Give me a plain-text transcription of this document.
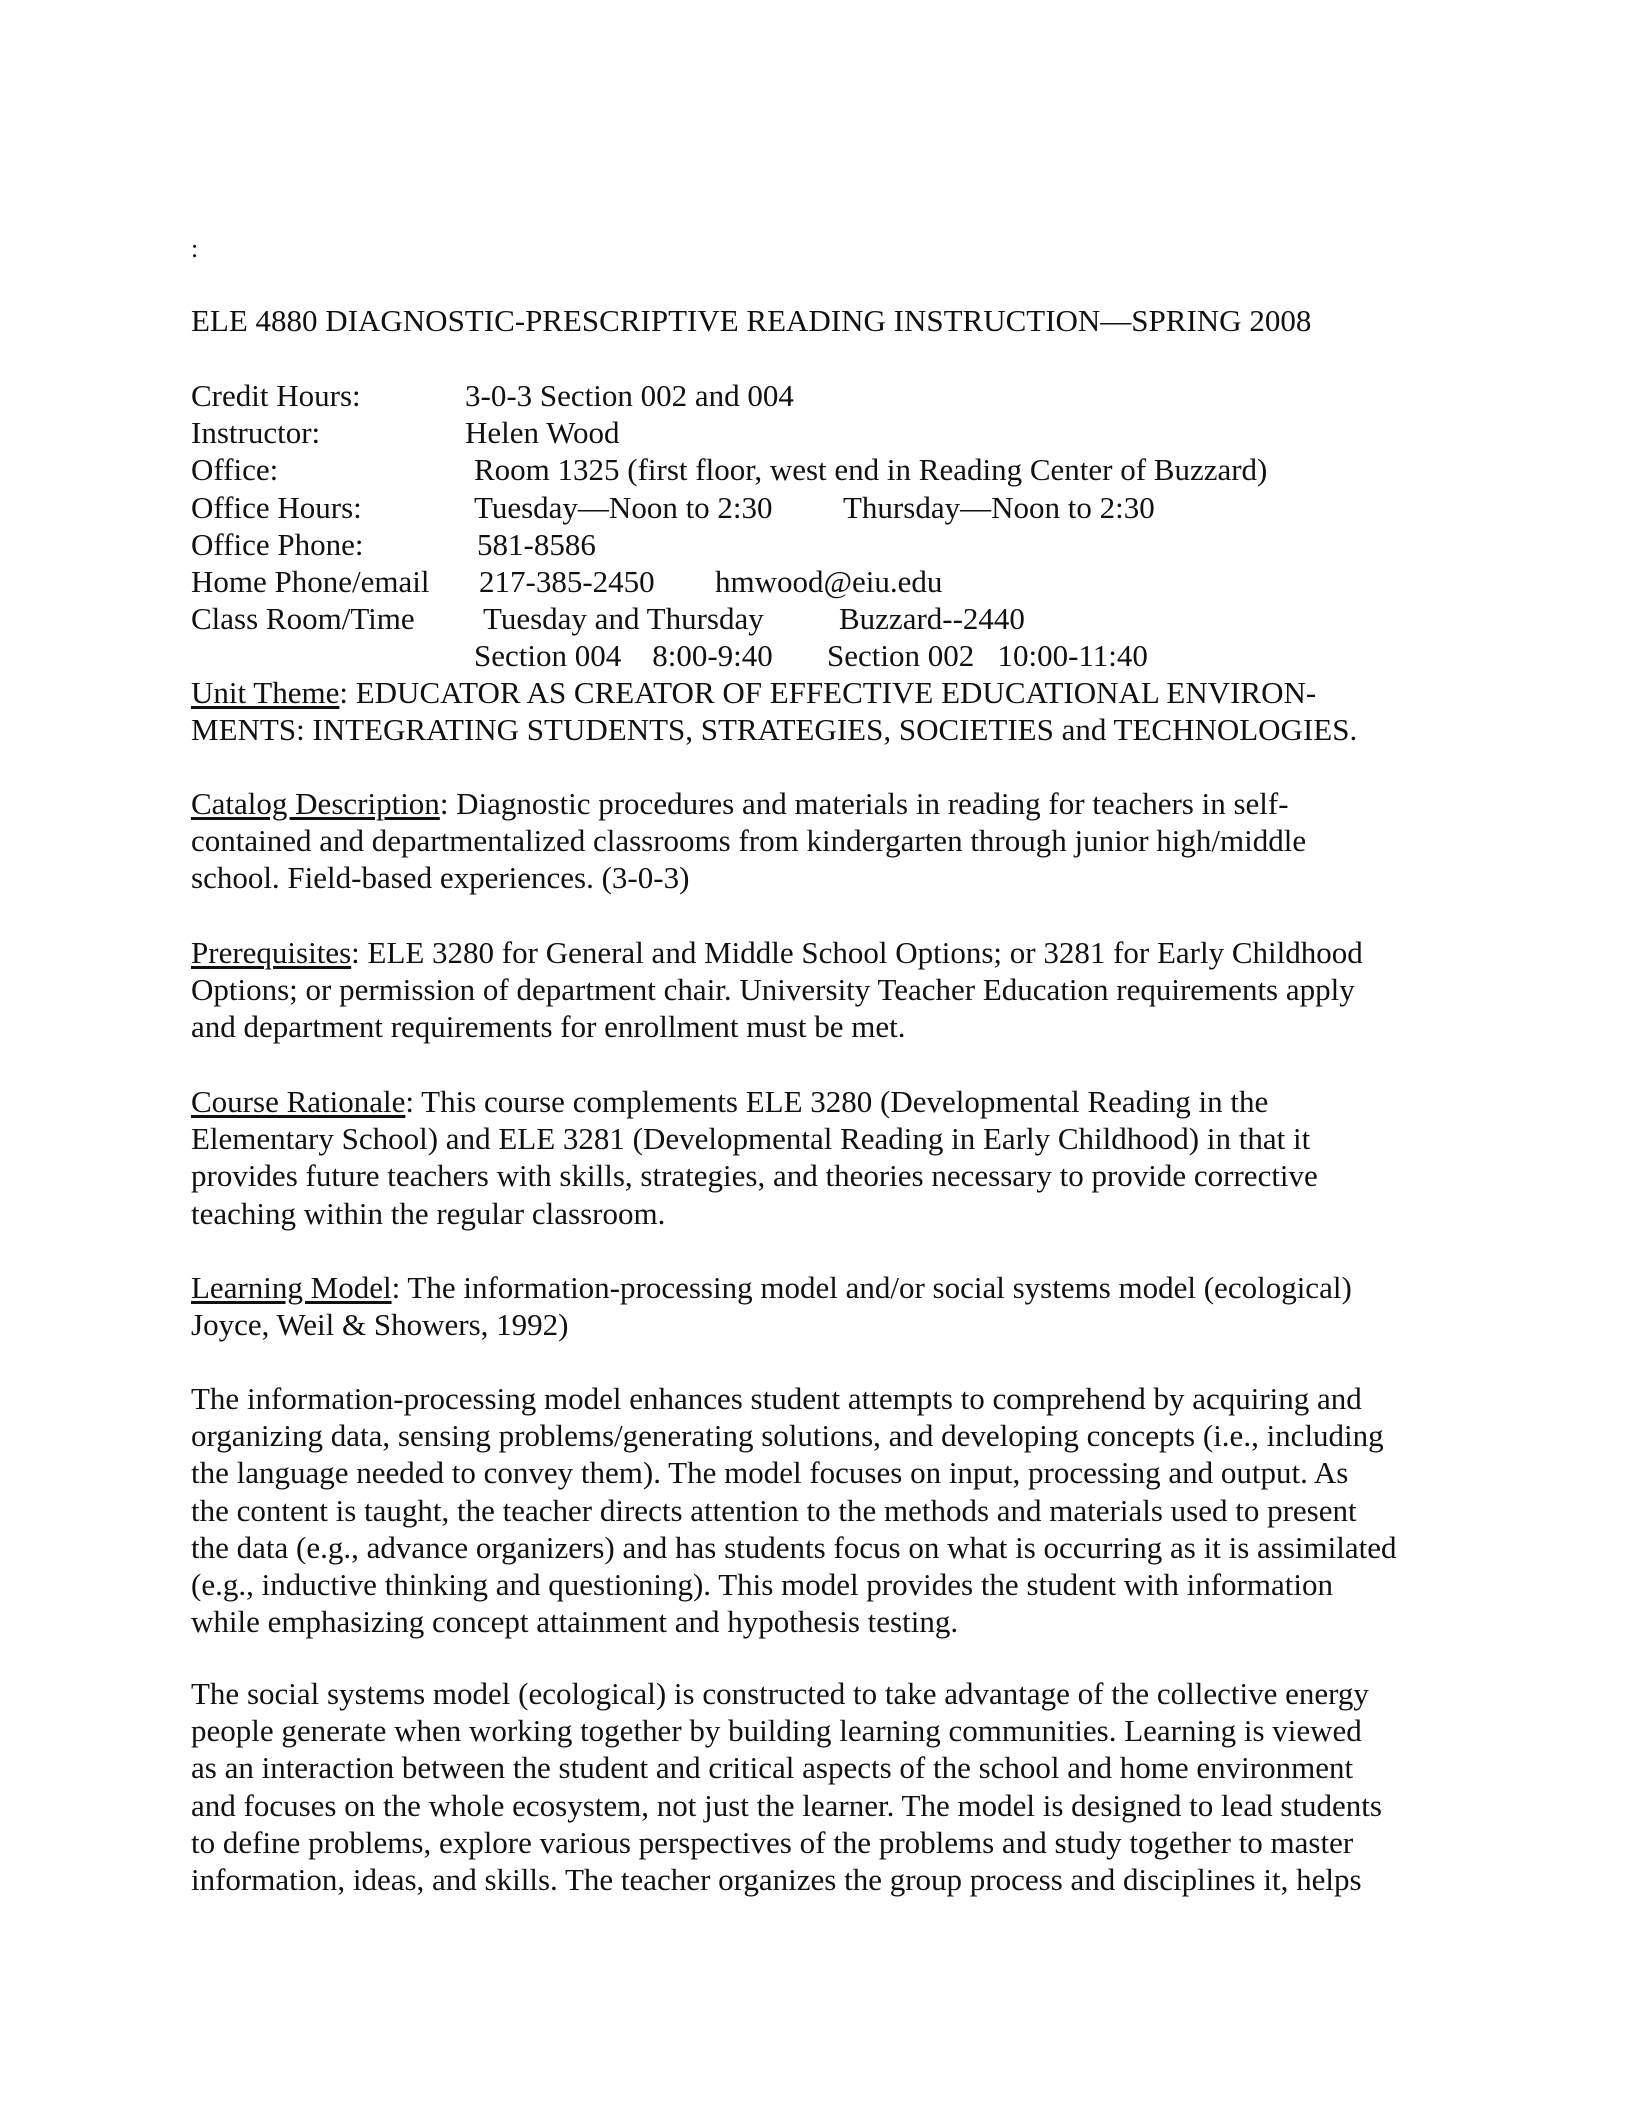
:
ELE 4880 DIAGNOSTIC-PRESCRIPTIVE READING INSTRUCTION—SPRING 2008
Credit Hours:	3-0-3 Section 002 and 004
Instructor:	Helen Wood
Office:	Room 1325 (first floor, west end in Reading Center of Buzzard)
Office Hours:	Tuesday—Noon to 2:30 Thursday—Noon to 2:30
Office Phone:	581-8586
Home Phone/email 217-385-2450 hmwood@eiu.edu
Class Room/Time Tuesday and Thursday Buzzard--2440
Section 004    8:00-9:40 Section 002   10:00-11:40
Unit Theme: EDUCATOR AS CREATOR OF EFFECTIVE EDUCATIONAL ENVIRON-
MENTS: INTEGRATING STUDENTS, STRATEGIES, SOCIETIES and TECHNOLOGIES.
Catalog Description: Diagnostic procedures and materials in reading for teachers in self-
contained and departmentalized classrooms from kindergarten through junior high/middle
school. Field-based experiences. (3-0-3)
Prerequisites: ELE 3280 for General and Middle School Options; or 3281 for Early Childhood
Options; or permission of department chair. University Teacher Education requirements apply
and department requirements for enrollment must be met.
Course Rationale: This course complements ELE 3280 (Developmental Reading in the
Elementary School) and ELE 3281 (Developmental Reading in Early Childhood) in that it
provides future teachers with skills, strategies, and theories necessary to provide corrective
teaching within the regular classroom.
Learning Model: The information-processing model and/or social systems model (ecological)
Joyce, Weil & Showers, 1992)
The information-processing model enhances student attempts to comprehend by acquiring and
organizing data, sensing problems/generating solutions, and developing concepts (i.e., including
the language needed to convey them). The model focuses on input, processing and output. As
the content is taught, the teacher directs attention to the methods and materials used to present
the data (e.g., advance organizers) and has students focus on what is occurring as it is assimilated
(e.g., inductive thinking and questioning). This model provides the student with information
while emphasizing concept attainment and hypothesis testing.
The social systems model (ecological) is constructed to take advantage of the collective energy
people generate when working together by building learning communities. Learning is viewed
as an interaction between the student and critical aspects of the school and home environment
and focuses on the whole ecosystem, not just the learner. The model is designed to lead students
to define problems, explore various perspectives of the problems and study together to master
information, ideas, and skills. The teacher organizes the group process and disciplines it, helps
